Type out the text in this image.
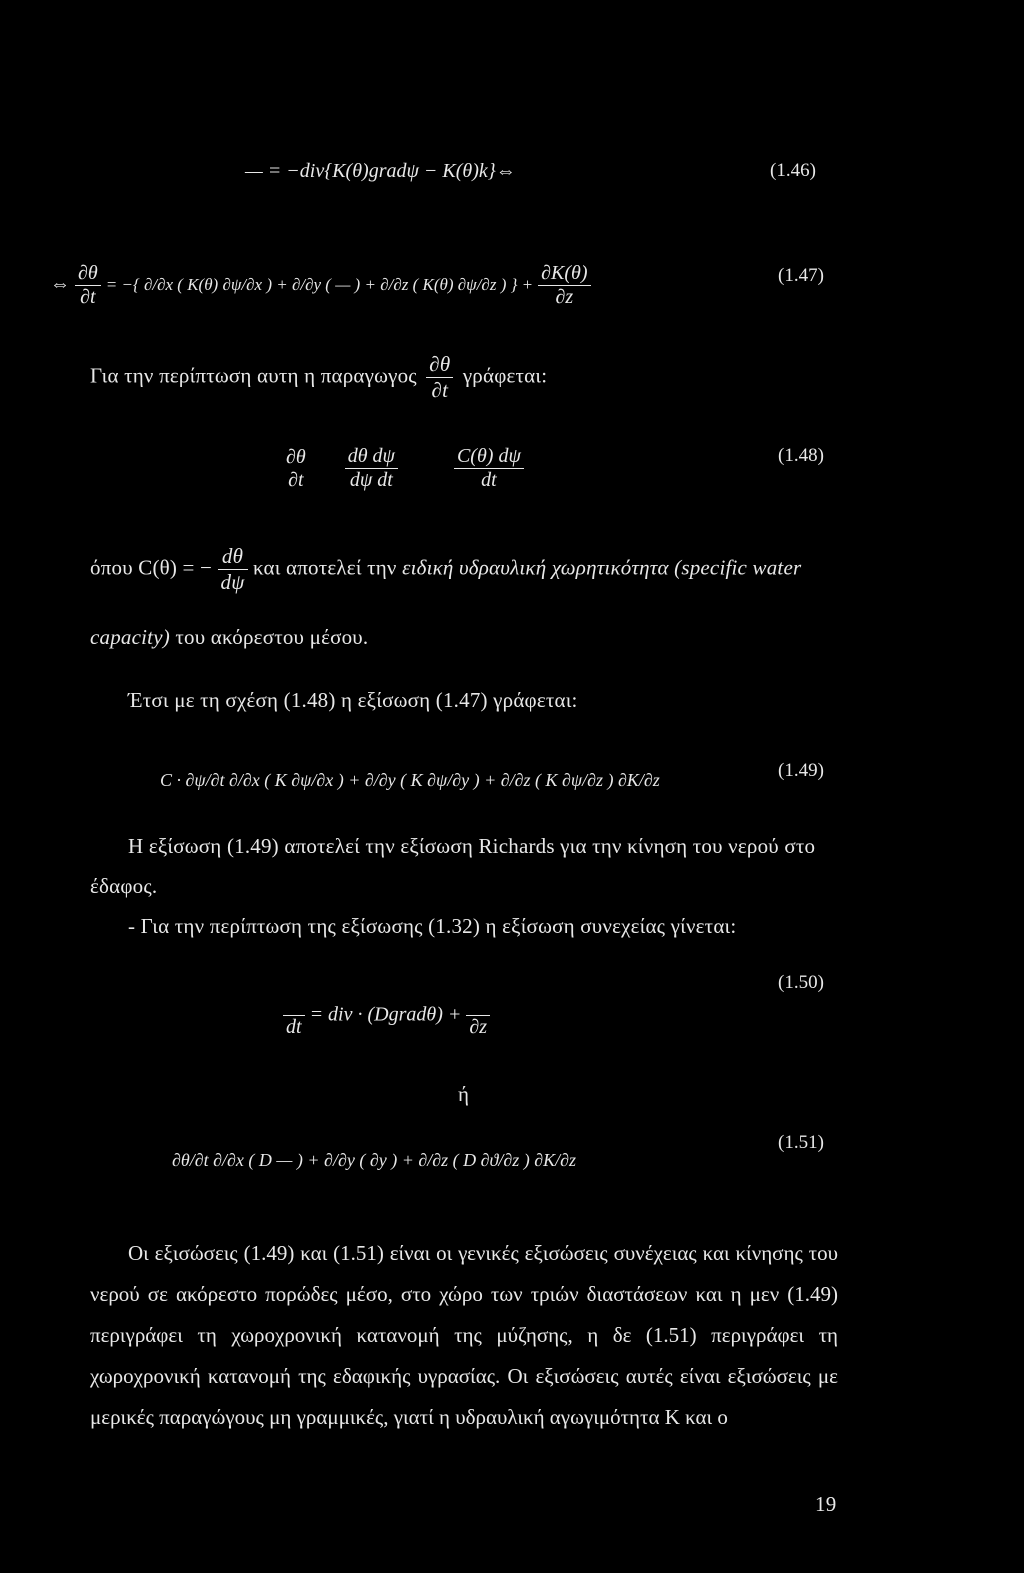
— = −div{K(θ)gradψ − K(θ)k}⇔	(1.46)
⇔ $\frac{\partial\theta}{\partial t}$ = −{ ∂/∂x ( K(θ) ∂ψ/∂x ) + ∂/∂y ( — ) + ∂/∂z ( K(θ) ∂ψ/∂z ) } + $\frac{\partial K(\theta)}{\partial z}$	(1.47)
Για την περίπτωση αυτη η παραγωγος $\frac{\partial\theta}{\partial t} \gamma\rho ά\varphi\varepsilon\tau\alpha\iota$:
∂θ
∂t
$\frac{\text{dθ dψ}}{\text{dψ dt}}$
	$\frac{C(\theta) d\psi}{dt}$	(1.48)
όπου C(θ) = − $\frac{d\theta}{d\psi}$ και αποτελεί την ειδική υδραυλική χωρητικότητα (specific water
capacity) του ακόρεστου μέσου.
Έτσι με τη σχέση (1.48) η εξίσωση (1.47) γράφεται:
C · ∂ψ/∂t ∂/∂x ( K ∂ψ/∂x ) + ∂/∂y ( K ∂ψ/∂y ) + ∂/∂z ( K ∂ψ/∂z ) ∂K/∂z	(1.49)
Η εξίσωση (1.49) αποτελεί την εξίσωση Richards για την κίνηση του νερού στο
έδαφος.
- Για την περίπτωση της εξίσωσης (1.32) η εξίσωση συνεχείας γίνεται:
dt
= div · (Dgradθ) +
∂z
(1.50)
ή
∂θ/∂t ∂/∂x ( D — ) + ∂/∂y ( ∂y ) + ∂/∂z ( D ∂ϑ/∂z ) ∂K/∂z
(1.51)
Οι εξισώσεις (1.49) και (1.51) είναι οι γενικές εξισώσεις συνέχειας και κίνησης του νερού σε ακόρεστο πορώδες μέσο, στο χώρο των τριών διαστάσεων και η μεν (1.49) περιγράφει τη χωροχρονική κατανομή της μύζησης, η δε (1.51) περιγράφει τη χωροχρονική κατανομή της εδαφικής υγρασίας. Οι εξισώσεις αυτές είναι εξισώσεις με μερικές παραγώγους μη γραμμικές, γιατί η υδραυλική αγωγιμότητα Κ και ο
19
